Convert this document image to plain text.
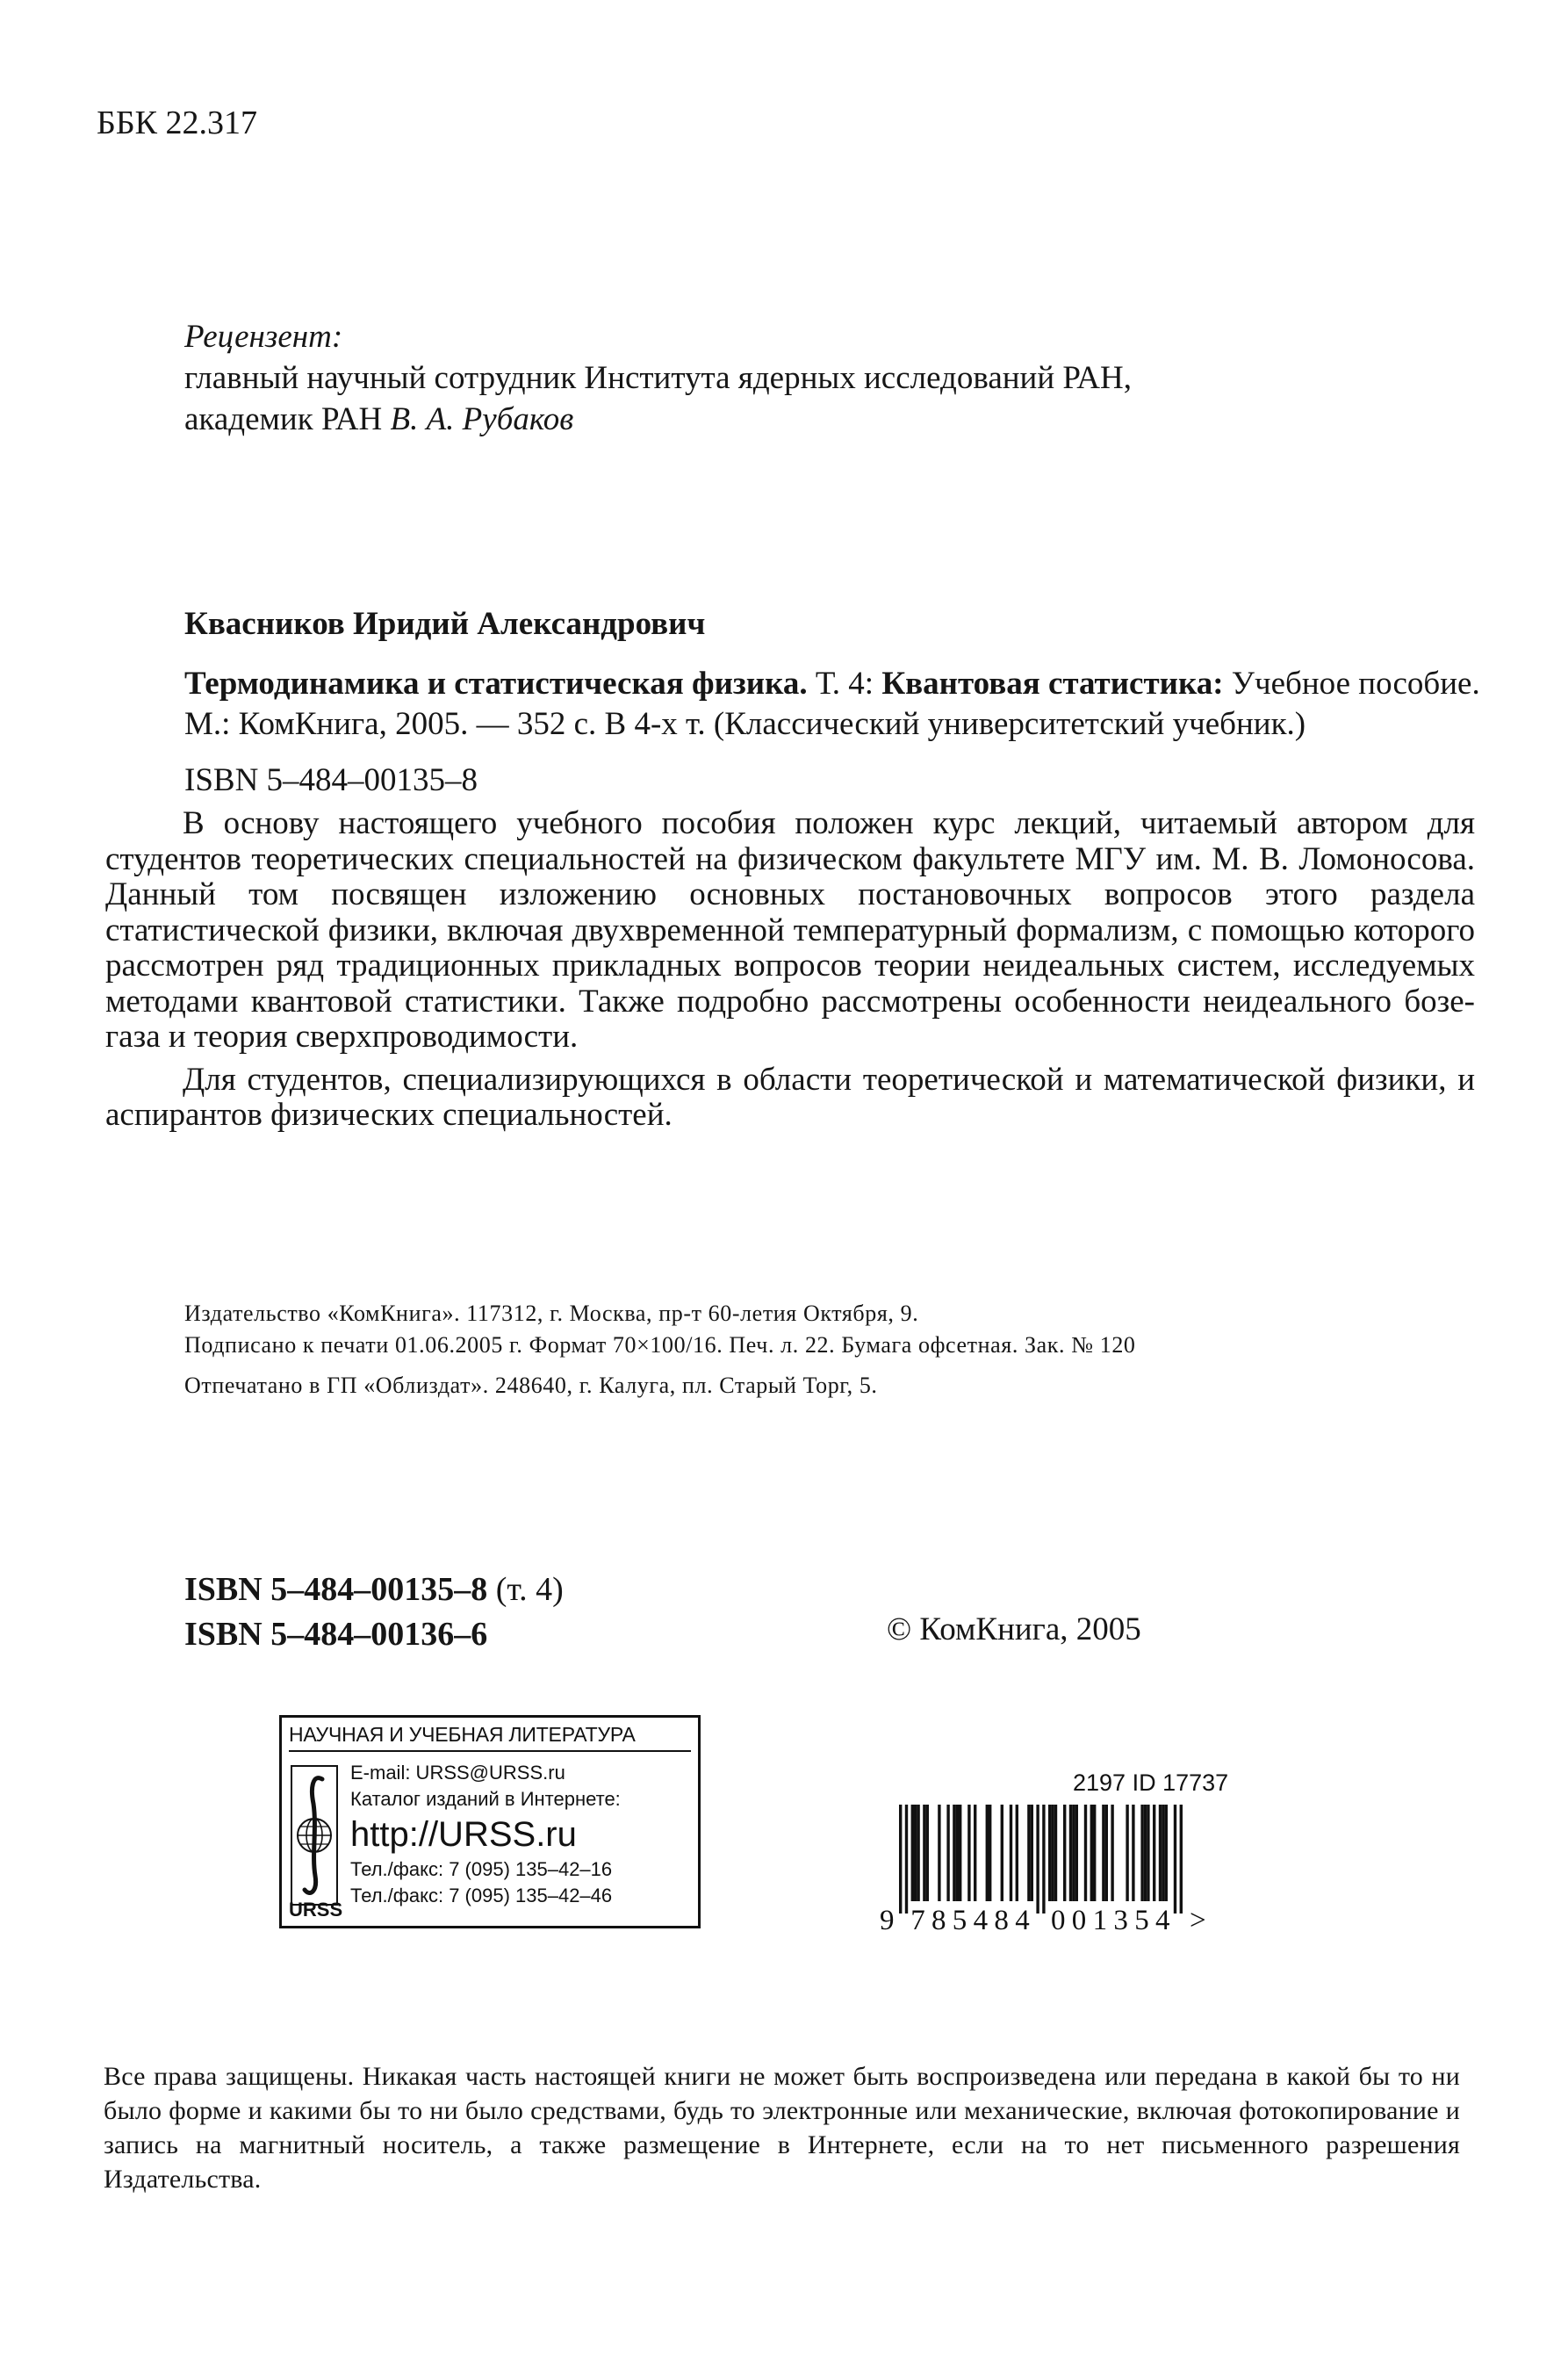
ББК 22.317

Рецензент:

главный научный сотрудник Института ядерных исследований РАН,

академик РАН В. А. Рубаков

Квасников Иридий Александрович

Термодинамика и статистическая физика. Т. 4: Квантовая статистика: Учебное пособие. М.: КомКнига, 2005. — 352 с. В 4-х т. (Классический университетский учебник.)

ISBN 5–484–00135–8

В основу настоящего учебного пособия положен курс лекций, читаемый автором для студентов теоретических специальностей на физическом факультете МГУ им. М. В. Ломоносова. Данный том посвящен изложению основных постановочных вопросов этого раздела статистической физики, включая двухвременной температурный формализм, с помощью которого рассмотрен ряд традиционных прикладных вопросов теории неидеальных систем, исследуемых методами квантовой статистики. Также подробно рассмотрены особенности неидеального бозе-газа и теория сверхпроводимости.

Для студентов, специализирующихся в области теоретической и математической физики, и аспирантов физических специальностей.

Издательство «КомКнига». 117312, г. Москва, пр-т 60-летия Октября, 9.

Подписано к печати 01.06.2005 г. Формат 70×100/16. Печ. л. 22. Бумага офсетная. Зак. № 120

Отпечатано в ГП «Облиздат». 248640, г. Калуга, пл. Старый Торг, 5.

ISBN 5–484–00135–8 (т. 4)

ISBN 5–484–00136–6	© КомКнига, 2005
НАУЧНАЯ И УЧЕБНАЯ ЛИТЕРАТУРА
URSS
E-mail: URSS@URSS.ru
Каталог изданий в Интернете:
http://URSS.ru
Тел./факс: 7 (095) 135–42–16
Тел./факс: 7 (095) 135–42–46
2197 ID 17737
9 7 8 5 4 8 4 0 0 1 3 5 4 >

Все права защищены. Никакая часть настоящей книги не может быть воспроизведена или передана в какой бы то ни было форме и какими бы то ни было средствами, будь то электронные или механические, включая фотокопирование и запись на магнитный носитель, а также размещение в Интернете, если на то нет письменного разрешения Издательства.
